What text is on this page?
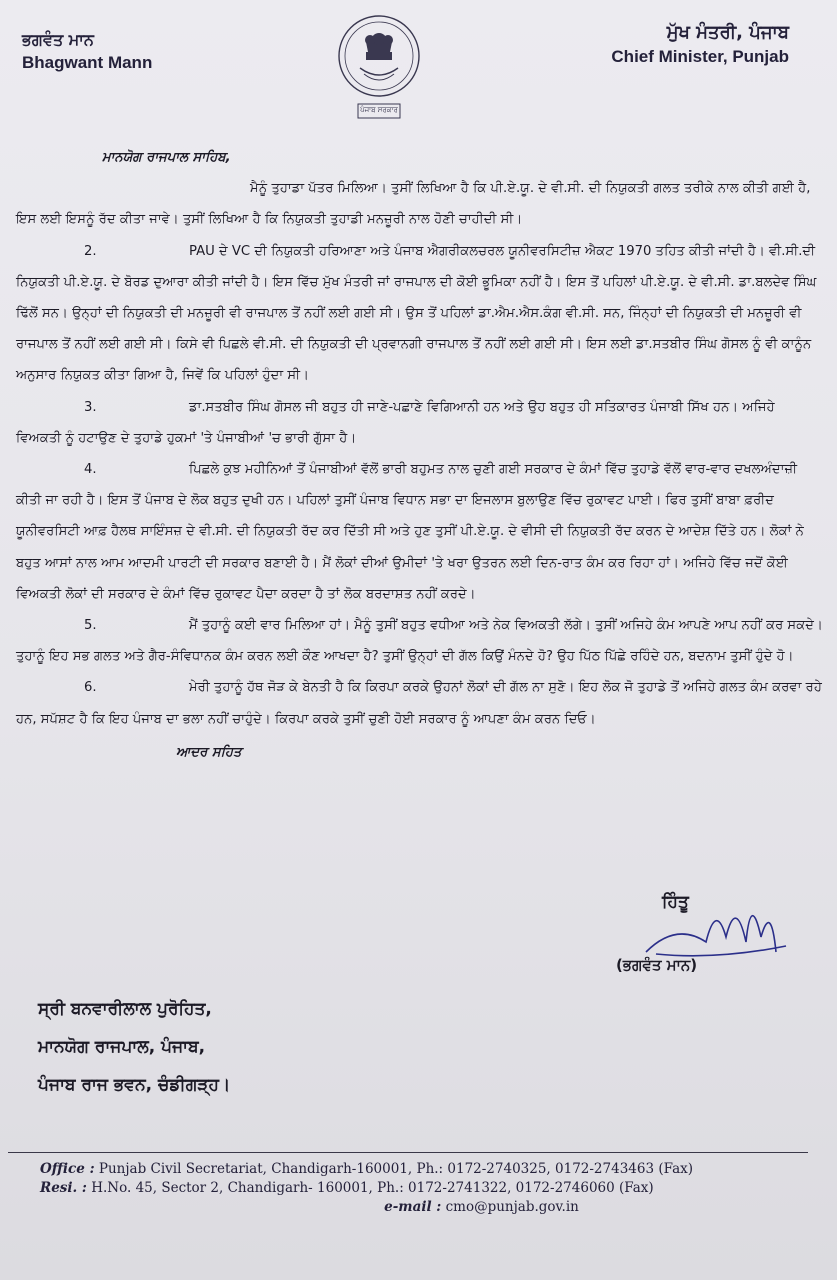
ਭਗਵੰਤ ਮਾਨ
Bhagwant Mann
ਪੰਜਾਬ ਸਰਕਾਰ
ਮੁੱਖ ਮੰਤਰੀ, ਪੰਜਾਬ
Chief Minister, Punjab
ਮਾਨਯੋਗ ਰਾਜਪਾਲ ਸਾਹਿਬ,
ਮੈਨੂੰ ਤੁਹਾਡਾ ਪੱਤਰ ਮਿਲਿਆ। ਤੁਸੀਂ ਲਿਖਿਆ ਹੈ ਕਿ ਪੀ.ਏ.ਯੂ. ਦੇ ਵੀ.ਸੀ. ਦੀ ਨਿਯੁਕਤੀ ਗਲਤ ਤਰੀਕੇ ਨਾਲ ਕੀਤੀ ਗਈ ਹੈ, ਇਸ ਲਈ ਇਸਨੂੰ ਰੱਦ ਕੀਤਾ ਜਾਵੇ। ਤੁਸੀਂ ਲਿਖਿਆ ਹੈ ਕਿ ਨਿਯੁਕਤੀ ਤੁਹਾਡੀ ਮਨਜ਼ੂਰੀ ਨਾਲ ਹੋਣੀ ਚਾਹੀਦੀ ਸੀ।
2.	PAU ਦੇ VC ਦੀ ਨਿਯੁਕਤੀ ਹਰਿਆਣਾ ਅਤੇ ਪੰਜਾਬ ਐਗਰੀਕਲਚਰਲ ਯੂਨੀਵਰਸਿਟੀਜ਼ ਐਕਟ 1970 ਤਹਿਤ ਕੀਤੀ ਜਾਂਦੀ ਹੈ। ਵੀ.ਸੀ.ਦੀ ਨਿਯੁਕਤੀ ਪੀ.ਏ.ਯੂ. ਦੇ ਬੋਰਡ ਦੁਆਰਾ ਕੀਤੀ ਜਾਂਦੀ ਹੈ। ਇਸ ਵਿੱਚ ਮੁੱਖ ਮੰਤਰੀ ਜਾਂ ਰਾਜਪਾਲ ਦੀ ਕੋਈ ਭੂਮਿਕਾ ਨਹੀਂ ਹੈ। ਇਸ ਤੋਂ ਪਹਿਲਾਂ ਪੀ.ਏ.ਯੂ. ਦੇ ਵੀ.ਸੀ. ਡਾ.ਬਲਦੇਵ ਸਿੰਘ ਢਿੱਲੋਂ ਸਨ। ਉਨ੍ਹਾਂ ਦੀ ਨਿਯੁਕਤੀ ਦੀ ਮਨਜ਼ੂਰੀ ਵੀ ਰਾਜਪਾਲ ਤੋਂ ਨਹੀਂ ਲਈ ਗਈ ਸੀ। ਉਸ ਤੋਂ ਪਹਿਲਾਂ ਡਾ.ਐਮ.ਐਸ.ਕੰਗ ਵੀ.ਸੀ. ਸਨ, ਜਿੰਨ੍ਹਾਂ ਦੀ ਨਿਯੁਕਤੀ ਦੀ ਮਨਜ਼ੂਰੀ ਵੀ ਰਾਜਪਾਲ ਤੋਂ ਨਹੀਂ ਲਈ ਗਈ ਸੀ। ਕਿਸੇ ਵੀ ਪਿਛਲੇ ਵੀ.ਸੀ. ਦੀ ਨਿਯੁਕਤੀ ਦੀ ਪ੍ਰਵਾਨਗੀ ਰਾਜਪਾਲ ਤੋਂ ਨਹੀਂ ਲਈ ਗਈ ਸੀ। ਇਸ ਲਈ ਡਾ.ਸਤਬੀਰ ਸਿੰਘ ਗੋਸਲ ਨੂੰ ਵੀ ਕਾਨੂੰਨ ਅਨੁਸਾਰ ਨਿਯੁਕਤ ਕੀਤਾ ਗਿਆ ਹੈ, ਜਿਵੇਂ ਕਿ ਪਹਿਲਾਂ ਹੁੰਦਾ ਸੀ।
3.	ਡਾ.ਸਤਬੀਰ ਸਿੰਘ ਗੋਸਲ ਜੀ ਬਹੁਤ ਹੀ ਜਾਣੇ-ਪਛਾਣੇ ਵਿਗਿਆਨੀ ਹਨ ਅਤੇ ਉਹ ਬਹੁਤ ਹੀ ਸਤਿਕਾਰਤ ਪੰਜਾਬੀ ਸਿੱਖ ਹਨ। ਅਜਿਹੇ ਵਿਅਕਤੀ ਨੂੰ ਹਟਾਉਣ ਦੇ ਤੁਹਾਡੇ ਹੁਕਮਾਂ 'ਤੇ ਪੰਜਾਬੀਆਂ 'ਚ ਭਾਰੀ ਗੁੱਸਾ ਹੈ।
4.	ਪਿਛਲੇ ਕੁਝ ਮਹੀਨਿਆਂ ਤੋਂ ਪੰਜਾਬੀਆਂ ਵੱਲੋਂ ਭਾਰੀ ਬਹੁਮਤ ਨਾਲ ਚੁਣੀ ਗਈ ਸਰਕਾਰ ਦੇ ਕੰਮਾਂ ਵਿੱਚ ਤੁਹਾਡੇ ਵੱਲੋਂ ਵਾਰ-ਵਾਰ ਦਖਲਅੰਦਾਜ਼ੀ ਕੀਤੀ ਜਾ ਰਹੀ ਹੈ। ਇਸ ਤੋਂ ਪੰਜਾਬ ਦੇ ਲੋਕ ਬਹੁਤ ਦੁਖੀ ਹਨ। ਪਹਿਲਾਂ ਤੁਸੀਂ ਪੰਜਾਬ ਵਿਧਾਨ ਸਭਾ ਦਾ ਇਜਲਾਸ ਬੁਲਾਉਣ ਵਿੱਚ ਰੁਕਾਵਟ ਪਾਈ। ਫਿਰ ਤੁਸੀਂ ਬਾਬਾ ਫ਼ਰੀਦ ਯੂਨੀਵਰਸਿਟੀ ਆਫ਼ ਹੈਲਥ ਸਾਇੰਸਜ਼ ਦੇ ਵੀ.ਸੀ. ਦੀ ਨਿਯੁਕਤੀ ਰੱਦ ਕਰ ਦਿੱਤੀ ਸੀ ਅਤੇ ਹੁਣ ਤੁਸੀਂ ਪੀ.ਏ.ਯੂ. ਦੇ ਵੀਸੀ ਦੀ ਨਿਯੁਕਤੀ ਰੱਦ ਕਰਨ ਦੇ ਆਦੇਸ਼ ਦਿੱਤੇ ਹਨ। ਲੋਕਾਂ ਨੇ ਬਹੁਤ ਆਸਾਂ ਨਾਲ ਆਮ ਆਦਮੀ ਪਾਰਟੀ ਦੀ ਸਰਕਾਰ ਬਣਾਈ ਹੈ। ਮੈਂ ਲੋਕਾਂ ਦੀਆਂ ਉਮੀਦਾਂ 'ਤੇ ਖਰਾ ਉਤਰਨ ਲਈ ਦਿਨ-ਰਾਤ ਕੰਮ ਕਰ ਰਿਹਾ ਹਾਂ। ਅਜਿਹੇ ਵਿੱਚ ਜਦੋਂ ਕੋਈ ਵਿਅਕਤੀ ਲੋਕਾਂ ਦੀ ਸਰਕਾਰ ਦੇ ਕੰਮਾਂ ਵਿੱਚ ਰੁਕਾਵਟ ਪੈਦਾ ਕਰਦਾ ਹੈ ਤਾਂ ਲੋਕ ਬਰਦਾਸ਼ਤ ਨਹੀਂ ਕਰਦੇ।
5.	ਮੈਂ ਤੁਹਾਨੂੰ ਕਈ ਵਾਰ ਮਿਲਿਆ ਹਾਂ। ਮੈਨੂੰ ਤੁਸੀਂ ਬਹੁਤ ਵਧੀਆ ਅਤੇ ਨੇਕ ਵਿਅਕਤੀ ਲੱਗੇ। ਤੁਸੀਂ ਅਜਿਹੇ ਕੰਮ ਆਪਣੇ ਆਪ ਨਹੀਂ ਕਰ ਸਕਦੇ। ਤੁਹਾਨੂੰ ਇਹ ਸਭ ਗਲਤ ਅਤੇ ਗੈਰ-ਸੰਵਿਧਾਨਕ ਕੰਮ ਕਰਨ ਲਈ ਕੌਣ ਆਖਦਾ ਹੈ? ਤੁਸੀਂ ਉਨ੍ਹਾਂ ਦੀ ਗੱਲ ਕਿਉਂ ਮੰਨਦੇ ਹੋ? ਉਹ ਪਿੱਠ ਪਿੱਛੇ ਰਹਿੰਦੇ ਹਨ, ਬਦਨਾਮ ਤੁਸੀਂ ਹੁੰਦੇ ਹੋ।
6.	ਮੇਰੀ ਤੁਹਾਨੂੰ ਹੱਥ ਜੋੜ ਕੇ ਬੇਨਤੀ ਹੈ ਕਿ ਕਿਰਪਾ ਕਰਕੇ ਉਹਨਾਂ ਲੋਕਾਂ ਦੀ ਗੱਲ ਨਾ ਸੁਣੋ। ਇਹ ਲੋਕ ਜੋ ਤੁਹਾਡੇ ਤੋਂ ਅਜਿਹੇ ਗਲਤ ਕੰਮ ਕਰਵਾ ਰਹੇ ਹਨ, ਸਪੱਸ਼ਟ ਹੈ ਕਿ ਇਹ ਪੰਜਾਬ ਦਾ ਭਲਾ ਨਹੀਂ ਚਾਹੁੰਦੇ। ਕਿਰਪਾ ਕਰਕੇ ਤੁਸੀਂ ਚੁਣੀ ਹੋਈ ਸਰਕਾਰ ਨੂੰ ਆਪਣਾ ਕੰਮ ਕਰਨ ਦਿਓ।
ਆਦਰ ਸਹਿਤ
ਹਿੰਤੂ
(ਭਗਵੰਤ ਮਾਨ)
ਸ੍ਰੀ ਬਨਵਾਰੀਲਾਲ ਪੁਰੋਹਿਤ,
ਮਾਨਯੋਗ ਰਾਜਪਾਲ, ਪੰਜਾਬ,
ਪੰਜਾਬ ਰਾਜ ਭਵਨ, ਚੰਡੀਗੜ੍ਹ।
Office : Punjab Civil Secretariat, Chandigarh-160001, Ph.: 0172-2740325, 0172-2743463 (Fax)
Resi. : H.No. 45, Sector 2, Chandigarh- 160001, Ph.: 0172-2741322, 0172-2746060 (Fax)
e-mail : cmo@punjab.gov.in
